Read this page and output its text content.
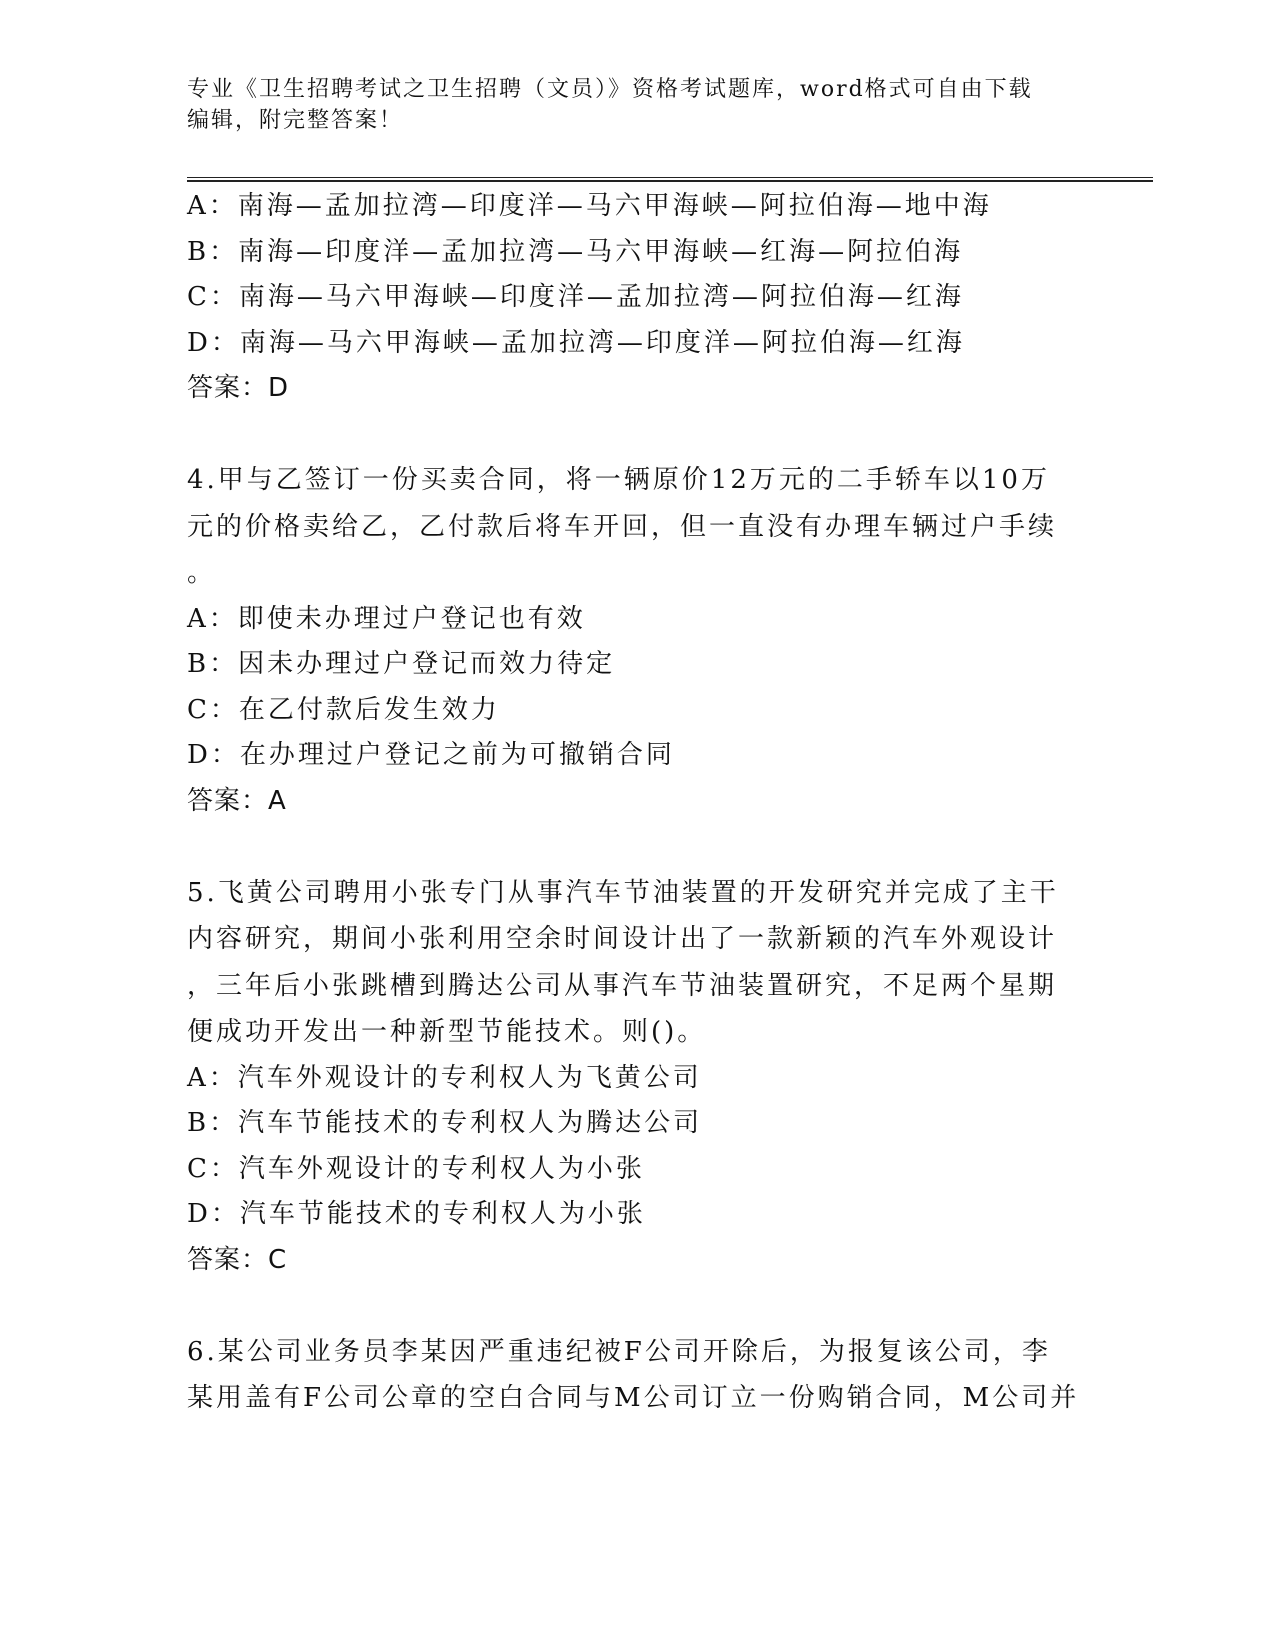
专业《卫生招聘考试之卫生招聘（文员）》资格考试题库，word格式可自由下载
编辑，附完整答案！
A：南海—孟加拉湾—印度洋—马六甲海峡—阿拉伯海—地中海
B：南海—印度洋—孟加拉湾—马六甲海峡—红海—阿拉伯海
C：南海—马六甲海峡—印度洋—孟加拉湾—阿拉伯海—红海
D：南海—马六甲海峡—孟加拉湾—印度洋—阿拉伯海—红海
答案：D
4.甲与乙签订一份买卖合同，将一辆原价12万元的二手轿车以10万
元的价格卖给乙，乙付款后将车开回，但一直没有办理车辆过户手续
。
A：即使未办理过户登记也有效
B：因未办理过户登记而效力待定
C：在乙付款后发生效力
D：在办理过户登记之前为可撤销合同
答案：A
5.飞黄公司聘用小张专门从事汽车节油装置的开发研究并完成了主干
内容研究，期间小张利用空余时间设计出了一款新颖的汽车外观设计
，三年后小张跳槽到腾达公司从事汽车节油装置研究，不足两个星期
便成功开发出一种新型节能技术。则()。
A：汽车外观设计的专利权人为飞黄公司
B：汽车节能技术的专利权人为腾达公司
C：汽车外观设计的专利权人为小张
D：汽车节能技术的专利权人为小张
答案：C
6.某公司业务员李某因严重违纪被F公司开除后，为报复该公司，李
某用盖有F公司公章的空白合同与M公司订立一份购销合同，M公司并
